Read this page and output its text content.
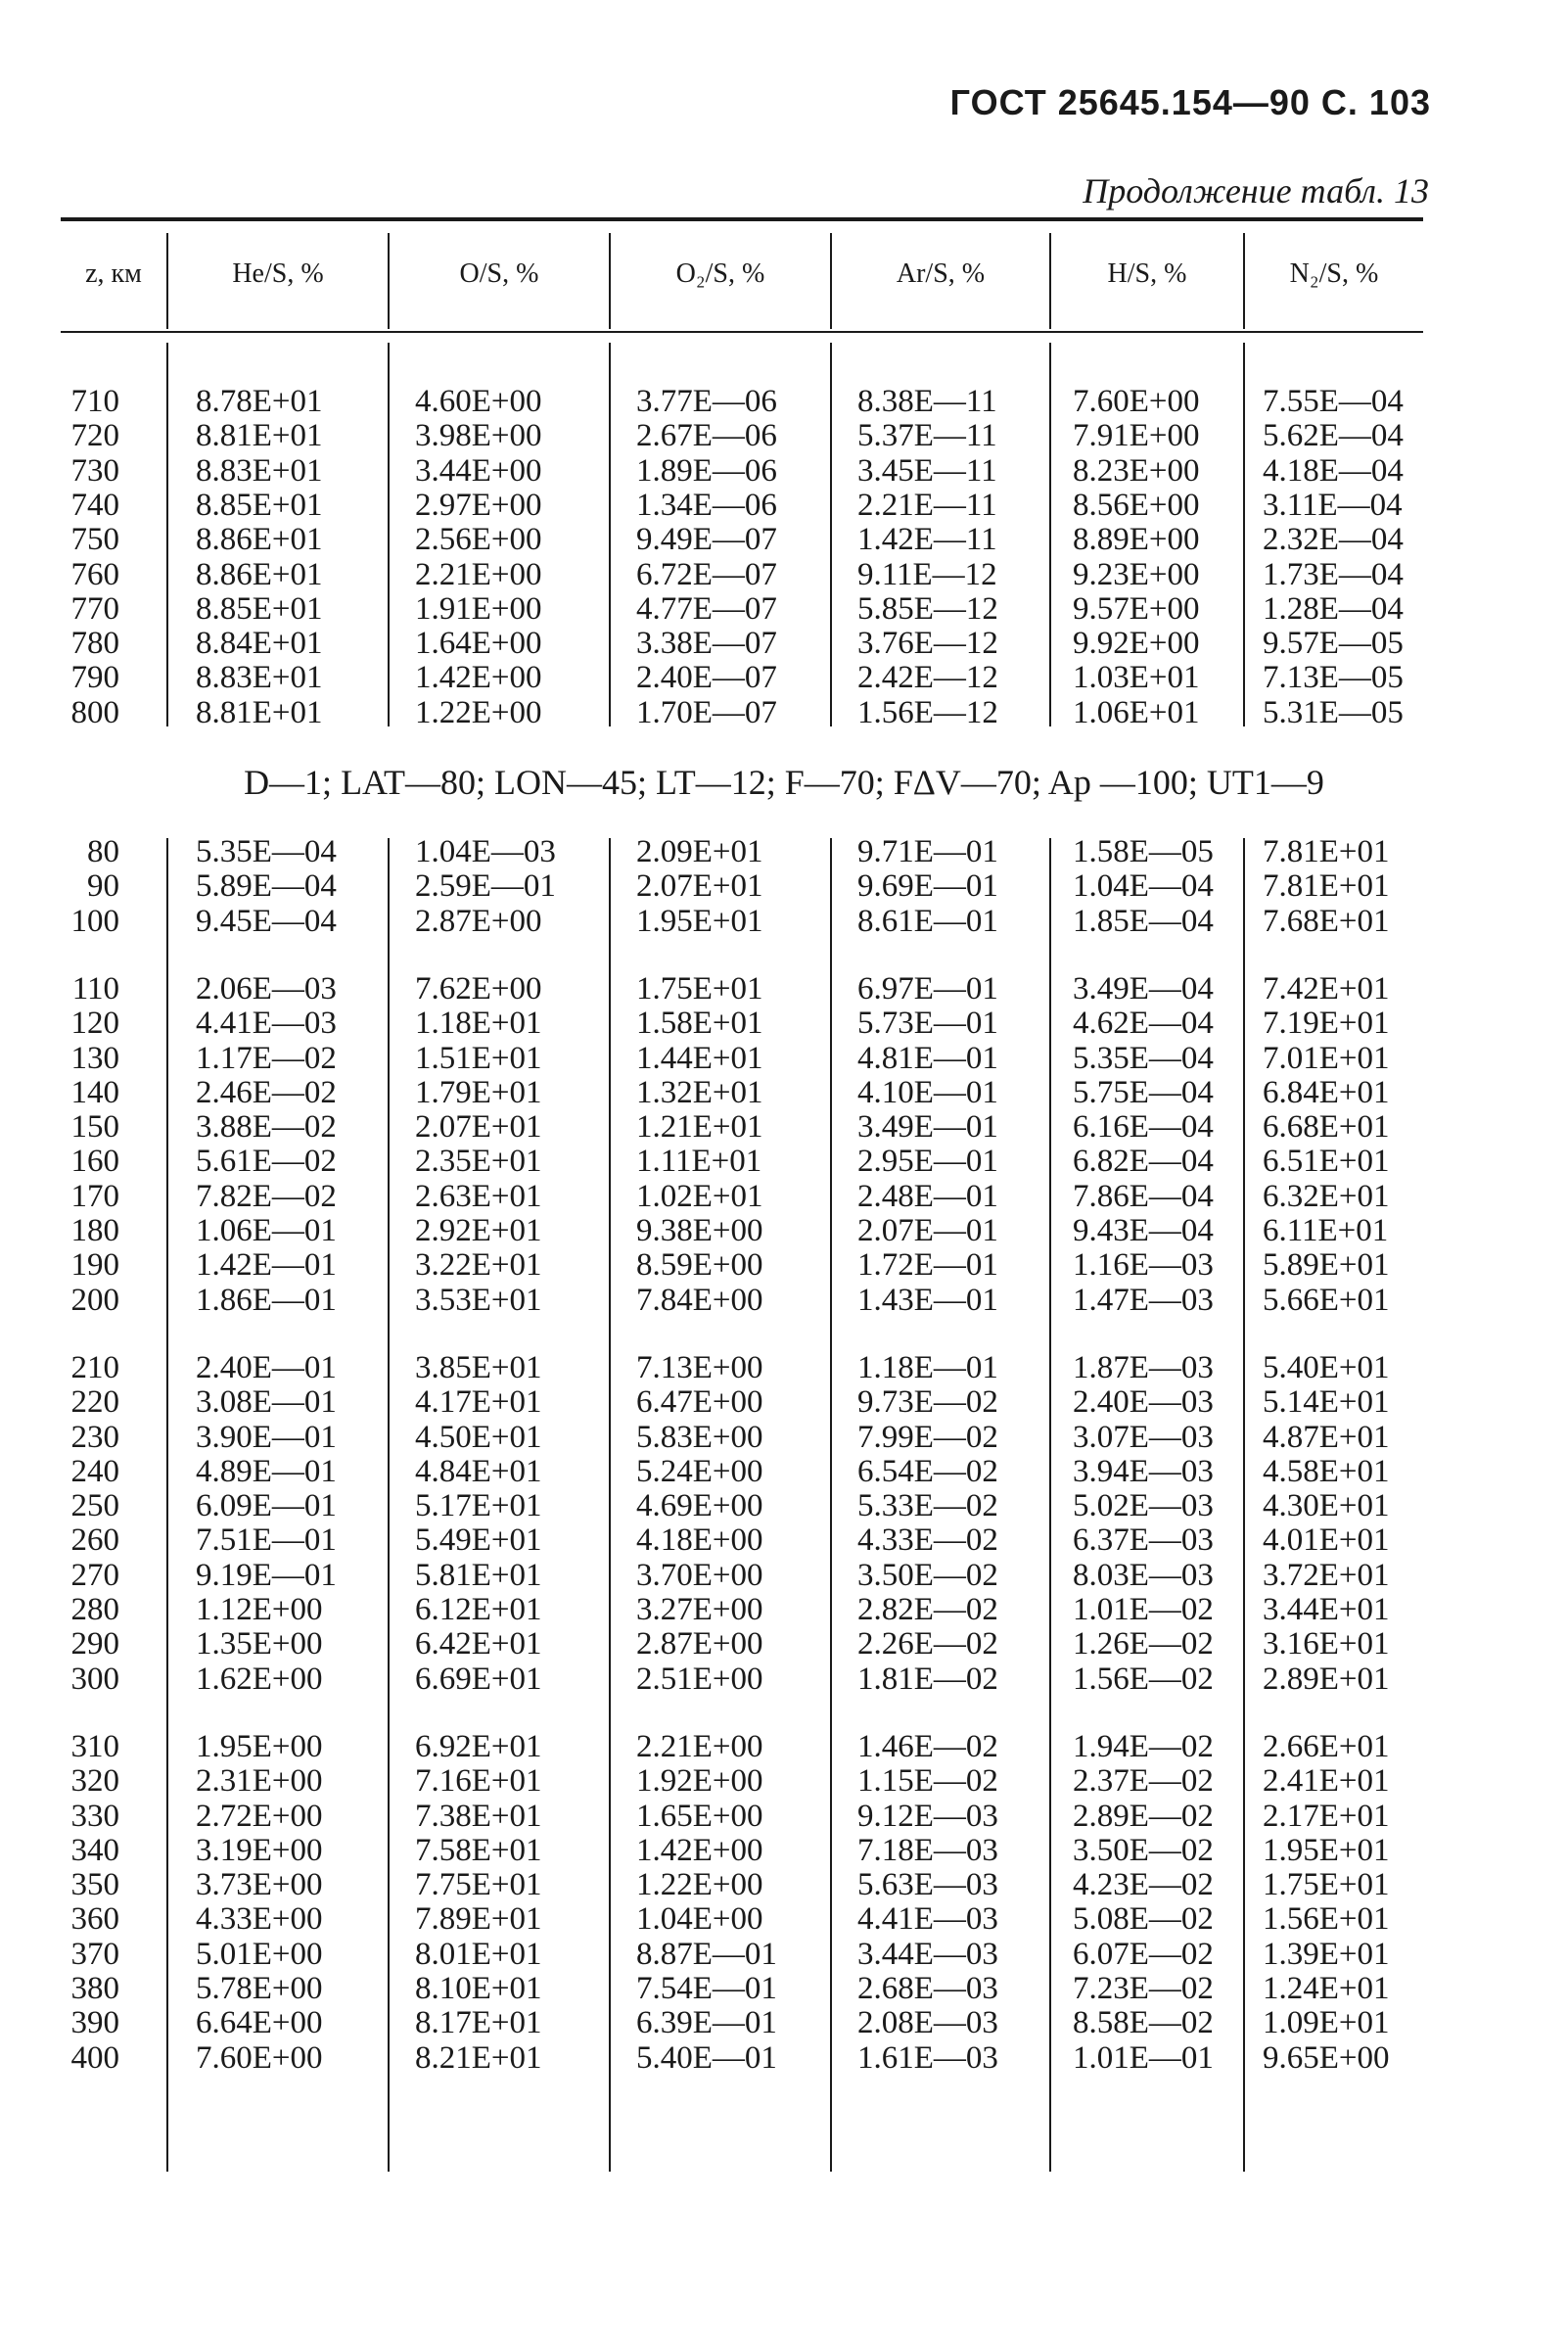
ГОСТ 25645.154—90 С. 103
Продолжение табл. 13
z, км	He/S, %	O/S, %	O₂/S, %	Ar/S, %	H/S, %	N₂/S, %
710 8.78E+01	4.60E+00	3.77E—06 8.38E—11 7.60E+00 7.55E—04
720 8.81E+01	3.98E+00	2.67E—06 5.37E—11 7.91E+00 5.62E—04
730 8.83E+01	3.44E+00	1.89E—06 3.45E—11 8.23E+00 4.18E—04
740 8.85E+01	2.97E+00	1.34E—06 2.21E—11 8.56E+00 3.11E—04
750 8.86E+01	2.56E+00	9.49E—07 1.42E—11 8.89E+00 2.32E—04
760 8.86E+01	2.21E+00	6.72E—07 9.11E—12 9.23E+00 1.73E—04
770 8.85E+01	1.91E+00	4.77E—07 5.85E—12 9.57E+00 1.28E—04
780 8.84E+01	1.64E+00	3.38E—07 3.76E—12 9.92E+00 9.57E—05
790 8.83E+01	1.42E+00	2.40E—07 2.42E—12 1.03E+01 7.13E—05
800 8.81E+01	1.22E+00	1.70E—07 1.56E—12 1.06E+01 5.31E—05
D—1; LAT—80; LON—45; LT—12; F—70; FΔV—70; Ap —100; UT1—9
80 5.35E—04 1.04E—03 2.09E+01	9.71E—01 1.58E—05 7.81E+01
90 5.89E—04 2.59E—01 2.07E+01	9.69E—01 1.04E—04 7.81E+01
100 9.45E—04 2.87E+00	1.95E+01	8.61E—01 1.85E—04 7.68E+01
110 2.06E—03 7.62E+00	1.75E+01	6.97E—01 3.49E—04 7.42E+01
120 4.41E—03 1.18E+01	1.58E+01	5.73E—01 4.62E—04 7.19E+01
130 1.17E—02 1.51E+01	1.44E+01	4.81E—01 5.35E—04 7.01E+01
140 2.46E—02 1.79E+01	1.32E+01	4.10E—01 5.75E—04 6.84E+01
150 3.88E—02 2.07E+01	1.21E+01	3.49E—01 6.16E—04 6.68E+01
160 5.61E—02 2.35E+01	1.11E+01	2.95E—01 6.82E—04 6.51E+01
170 7.82E—02 2.63E+01	1.02E+01	2.48E—01 7.86E—04 6.32E+01
180 1.06E—01 2.92E+01	9.38E+00	2.07E—01 9.43E—04 6.11E+01
190 1.42E—01 3.22E+01	8.59E+00	1.72E—01 1.16E—03 5.89E+01
200 1.86E—01 3.53E+01	7.84E+00	1.43E—01 1.47E—03 5.66E+01
210 2.40E—01 3.85E+01	7.13E+00	1.18E—01 1.87E—03 5.40E+01
220 3.08E—01 4.17E+01	6.47E+00	9.73E—02 2.40E—03 5.14E+01
230 3.90E—01 4.50E+01	5.83E+00	7.99E—02 3.07E—03 4.87E+01
240 4.89E—01 4.84E+01	5.24E+00	6.54E—02 3.94E—03 4.58E+01
250 6.09E—01 5.17E+01	4.69E+00	5.33E—02 5.02E—03 4.30E+01
260 7.51E—01 5.49E+01	4.18E+00	4.33E—02 6.37E—03 4.01E+01
270 9.19E—01 5.81E+01	3.70E+00	3.50E—02 8.03E—03 3.72E+01
280 1.12E+00	6.12E+01	3.27E+00	2.82E—02 1.01E—02 3.44E+01
290 1.35E+00	6.42E+01	2.87E+00	2.26E—02 1.26E—02 3.16E+01
300 1.62E+00	6.69E+01	2.51E+00	1.81E—02 1.56E—02 2.89E+01
310 1.95E+00	6.92E+01	2.21E+00	1.46E—02 1.94E—02 2.66E+01
320 2.31E+00	7.16E+01	1.92E+00	1.15E—02 2.37E—02 2.41E+01
330 2.72E+00	7.38E+01	1.65E+00	9.12E—03 2.89E—02 2.17E+01
340 3.19E+00	7.58E+01	1.42E+00	7.18E—03 3.50E—02 1.95E+01
350 3.73E+00	7.75E+01	1.22E+00	5.63E—03 4.23E—02 1.75E+01
360 4.33E+00	7.89E+01	1.04E+00	4.41E—03 5.08E—02 1.56E+01
370 5.01E+00	8.01E+01	8.87E—01 3.44E—03 6.07E—02 1.39E+01
380 5.78E+00	8.10E+01	7.54E—01 2.68E—03 7.23E—02 1.24E+01
390 6.64E+00	8.17E+01	6.39E—01 2.08E—03 8.58E—02 1.09E+01
400 7.60E+00	8.21E+01	5.40E—01 1.61E—03 1.01E—01 9.65E+00
